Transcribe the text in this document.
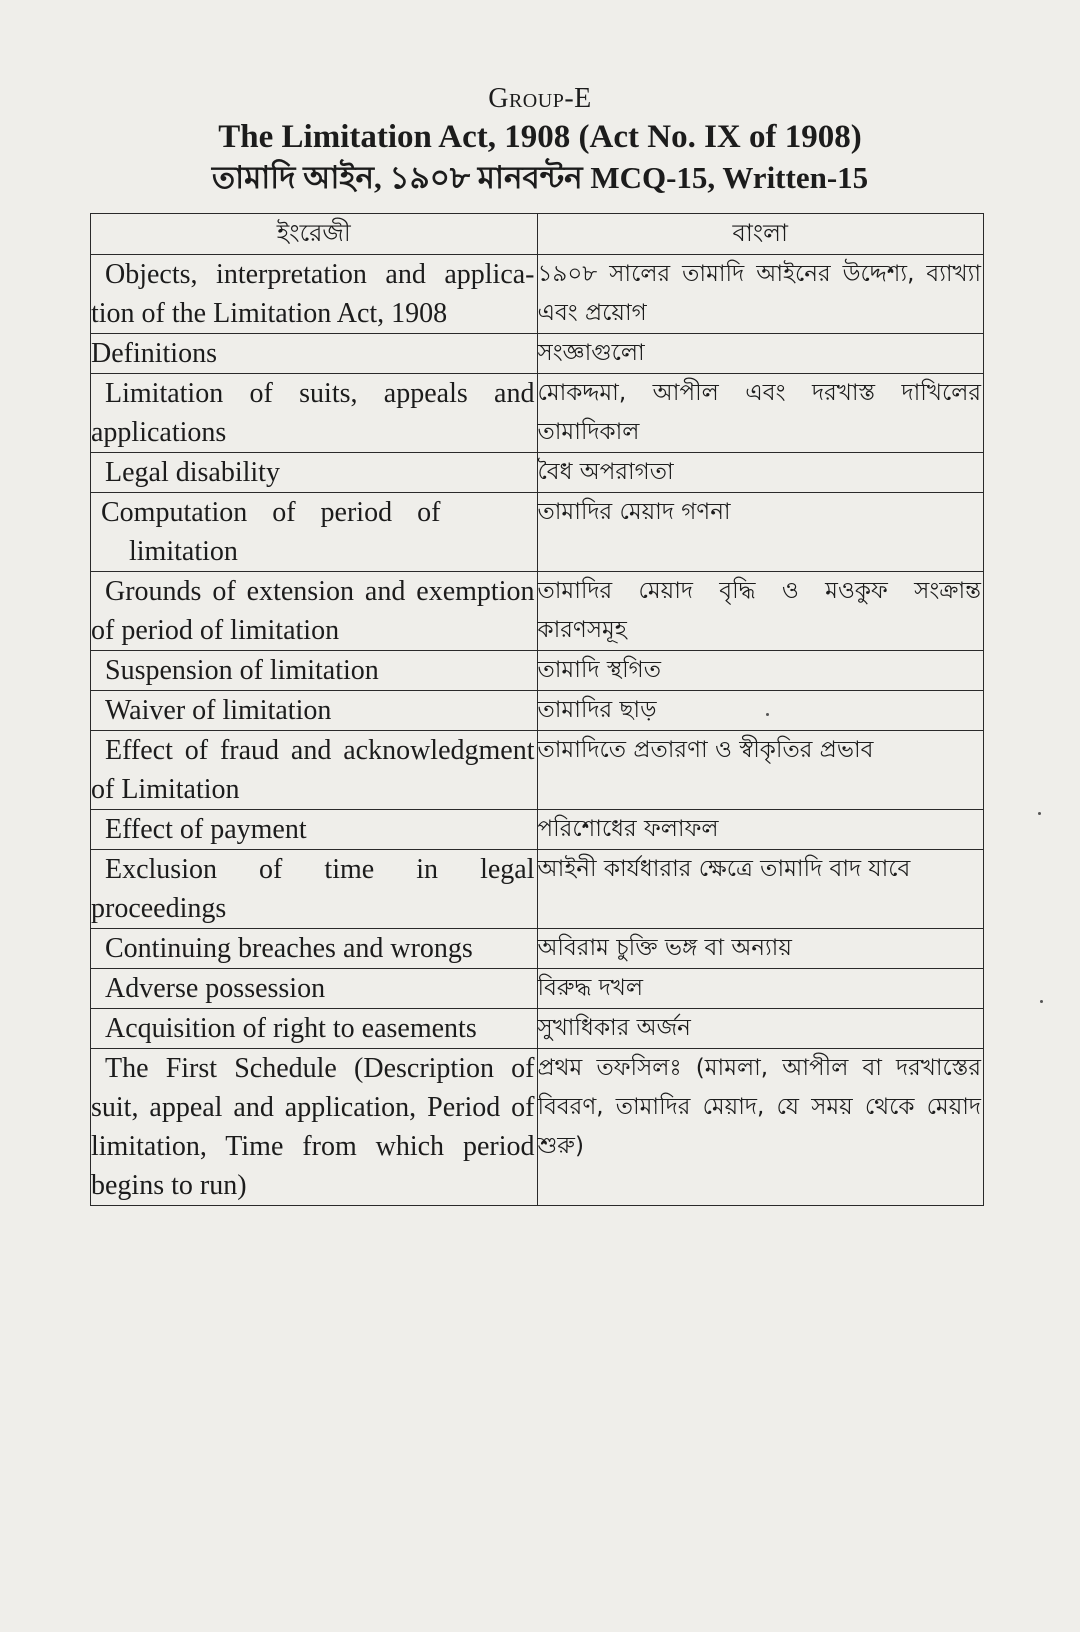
Group-E
The Limitation Act, 1908 (Act No. IX of 1908)
তামাদি আইন, ১৯০৮ মানবন্টন MCQ-15, Written-15
ইংরেজী	বাংলা
Objects, interpretation and applica-tion of the Limitation Act, 1908	১৯০৮ সালের তামাদি আইনের উদ্দেশ্য, ব্যাখ্যা এবং প্রয়োগ
Definitions	সংজ্ঞাগুলো
Limitation of suits, appeals and applications	মোকদ্দমা, আপীল এবং দরখাস্ত দাখিলের তামাদিকাল
Legal disability	বৈধ অপরাগতা
Computation of period of limitation	তামাদির মেয়াদ গণনা
Grounds of extension and exemption of period of limitation	তামাদির মেয়াদ বৃদ্ধি ও মওকুফ সংক্রান্ত কারণসমূহ
Suspension of limitation	তামাদি স্থগিত
Waiver of limitation	তামাদির ছাড়
Effect of fraud and acknowledgment of Limitation	তামাদিতে প্রতারণা ও স্বীকৃতির প্রভাব
Effect of payment	পরিশোধের ফলাফল
Exclusion of time in legal proceedings	আইনী কার্যধারার ক্ষেত্রে তামাদি বাদ যাবে
Continuing breaches and wrongs	অবিরাম চুক্তি ভঙ্গ বা অন্যায়
Adverse possession	বিরুদ্ধ দখল
Acquisition of right to easements	সুখাধিকার অর্জন
The First Schedule (Description of suit, appeal and application, Period of limitation, Time from which period begins to run)	প্রথম তফসিলঃ (মামলা, আপীল বা দরখাস্তের বিবরণ, তামাদির মেয়াদ, যে সময় থেকে মেয়াদ শুরু)
